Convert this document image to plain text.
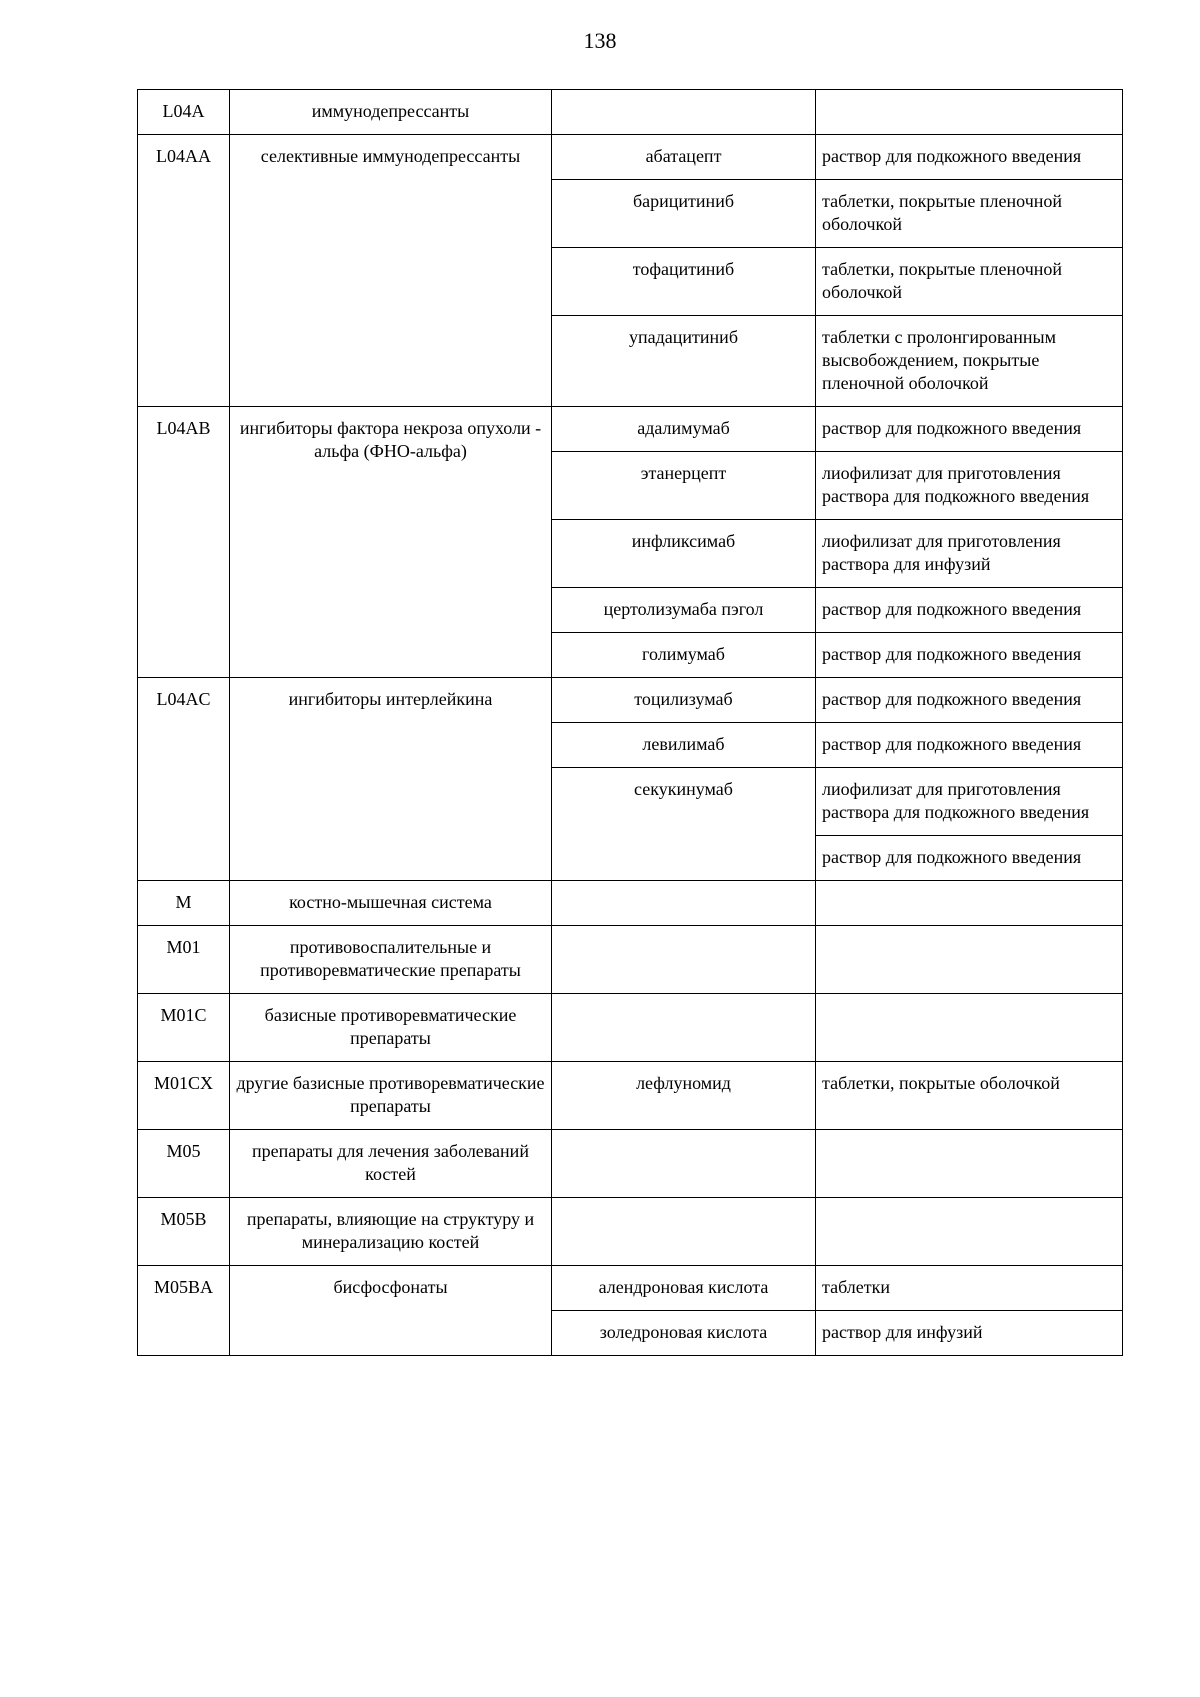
138
L04A	иммунодепрессанты		
L04AA	селективные иммунодепрессанты	абатацепт	раствор для подкожного введения
		барицитиниб	таблетки, покрытые пленочной оболочкой
		тофацитиниб	таблетки, покрытые пленочной оболочкой
		упадацитиниб	таблетки с пролонгированным высвобождением, покрытые пленочной оболочкой
L04AB	ингибиторы фактора некроза опухоли - альфа (ФНО-альфа)	адалимумаб	раствор для подкожного введения
		этанерцепт	лиофилизат для приготовления раствора для подкожного введения
		инфликсимаб	лиофилизат для приготовления раствора для инфузий
		цертолизумаба пэгол	раствор для подкожного введения
		голимумаб	раствор для подкожного введения
L04AC	ингибиторы интерлейкина	тоцилизумаб	раствор для подкожного введения
		левилимаб	раствор для подкожного введения
		секукинумаб	лиофилизат для приготовления раствора для подкожного введения
			раствор для подкожного введения
M	костно-мышечная система		
M01	противовоспалительные и противоревматические препараты		
M01C	базисные противоревматические препараты		
M01CX	другие базисные противоревматические препараты	лефлуномид	таблетки, покрытые оболочкой
M05	препараты для лечения заболеваний костей		
M05B	препараты, влияющие на структуру и минерализацию костей		
M05BA	бисфосфонаты	алендроновая кислота	таблетки
		золедроновая кислота	раствор для инфузий
